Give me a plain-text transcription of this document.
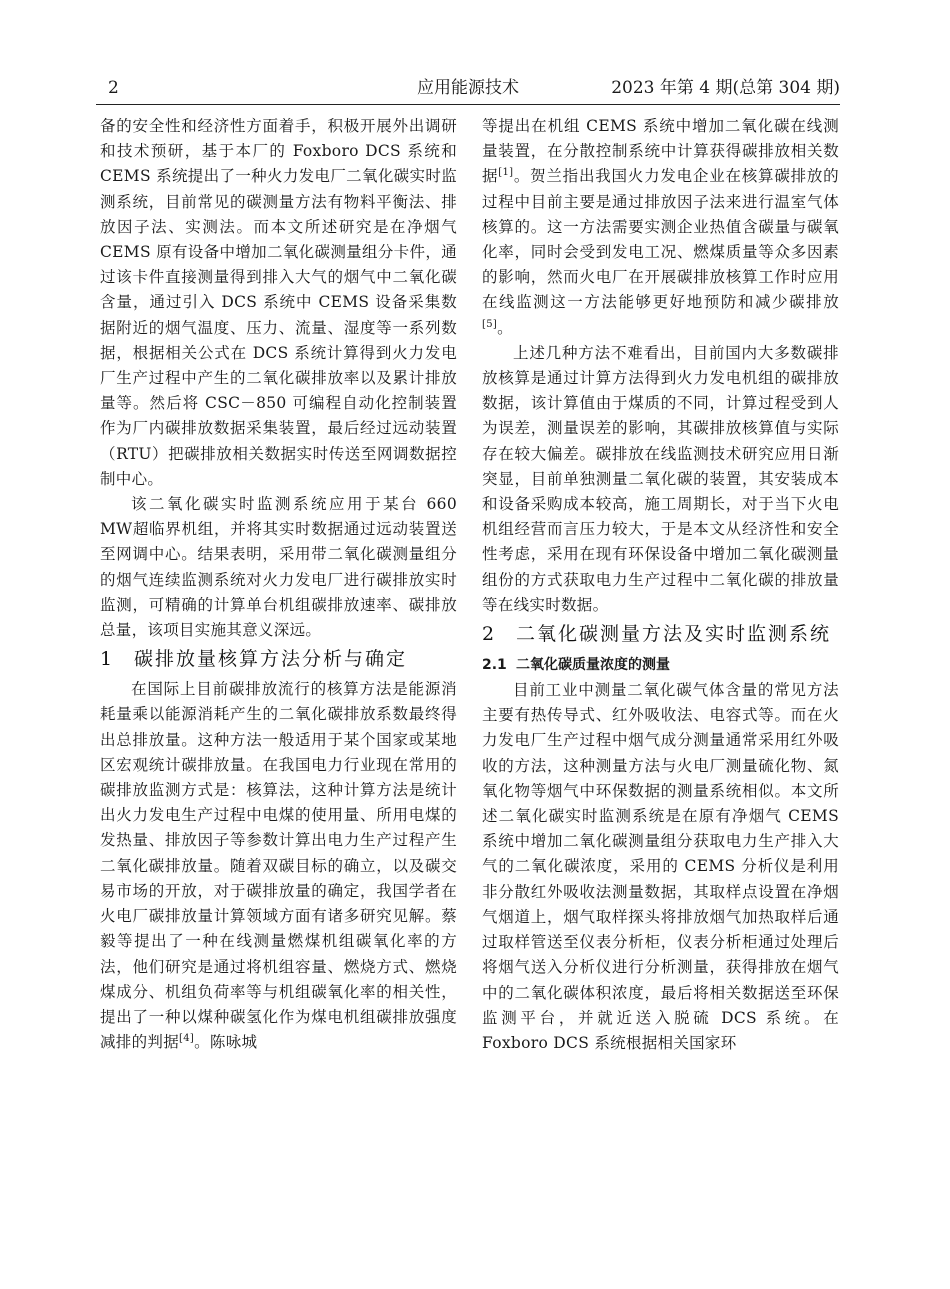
2	应用能源技术	2023 年第 4 期(总第 304 期)

备的安全性和经济性方面着手，积极开展外出调研和技术预研，基于本厂的 Foxboro DCS 系统和 CEMS 系统提出了一种火力发电厂二氧化碳实时监测系统，目前常见的碳测量方法有物料平衡法、排放因子法、实测法。而本文所述研究是在净烟气 CEMS 原有设备中增加二氧化碳测量组分卡件，通过该卡件直接测量得到排入大气的烟气中二氧化碳含量，通过引入 DCS 系统中 CEMS 设备采集数据附近的烟气温度、压力、流量、湿度等一系列数据，根据相关公式在 DCS 系统计算得到火力发电厂生产过程中产生的二氧化碳排放率以及累计排放量等。然后将 CSC－850 可编程自动化控制装置作为厂内碳排放数据采集装置，最后经过远动装置（RTU）把碳排放相关数据实时传送至网调数据控制中心。

该二氧化碳实时监测系统应用于某台 660 MW超临界机组，并将其实时数据通过远动装置送至网调中心。结果表明，采用带二氧化碳测量组分的烟气连续监测系统对火力发电厂进行碳排放实时监测，可精确的计算单台机组碳排放速率、碳排放总量，该项目实施其意义深远。

1 碳排放量核算方法分析与确定

在国际上目前碳排放流行的核算方法是能源消耗量乘以能源消耗产生的二氧化碳排放系数最终得出总排放量。这种方法一般适用于某个国家或某地区宏观统计碳排放量。在我国电力行业现在常用的碳排放监测方式是：核算法，这种计算方法是统计出火力发电生产过程中电煤的使用量、所用电煤的发热量、排放因子等参数计算出电力生产过程产生二氧化碳排放量。随着双碳目标的确立，以及碳交易市场的开放，对于碳排放量的确定，我国学者在火电厂碳排放量计算领域方面有诸多研究见解。蔡毅等提出了一种在线测量燃煤机组碳氧化率的方法，他们研究是通过将机组容量、燃烧方式、燃烧煤成分、机组负荷率等与机组碳氧化率的相关性，提出了一种以煤种碳氢化作为煤电机组碳排放强度减排的判据[4]。陈咏城

等提出在机组 CEMS 系统中增加二氧化碳在线测量装置，在分散控制系统中计算获得碳排放相关数据[1]。贺兰指出我国火力发电企业在核算碳排放的过程中目前主要是通过排放因子法来进行温室气体核算的。这一方法需要实测企业热值含碳量与碳氧化率，同时会受到发电工况、燃煤质量等众多因素的影响，然而火电厂在开展碳排放核算工作时应用在线监测这一方法能够更好地预防和减少碳排放[5]。

上述几种方法不难看出，目前国内大多数碳排放核算是通过计算方法得到火力发电机组的碳排放数据，该计算值由于煤质的不同，计算过程受到人为误差，测量误差的影响，其碳排放核算值与实际存在较大偏差。碳排放在线监测技术研究应用日渐突显，目前单独测量二氧化碳的装置，其安装成本和设备采购成本较高，施工周期长，对于当下火电机组经营而言压力较大，于是本文从经济性和安全性考虑，采用在现有环保设备中增加二氧化碳测量组份的方式获取电力生产过程中二氧化碳的排放量等在线实时数据。

2 二氧化碳测量方法及实时监测系统
2.1 二氧化碳质量浓度的测量

目前工业中测量二氧化碳气体含量的常见方法主要有热传导式、红外吸收法、电容式等。而在火力发电厂生产过程中烟气成分测量通常采用红外吸收的方法，这种测量方法与火电厂测量硫化物、氮氧化物等烟气中环保数据的测量系统相似。本文所述二氧化碳实时监测系统是在原有净烟气 CEMS 系统中增加二氧化碳测量组分获取电力生产排入大气的二氧化碳浓度，采用的 CEMS 分析仪是利用非分散红外吸收法测量数据，其取样点设置在净烟气烟道上，烟气取样探头将排放烟气加热取样后通过取样管送至仪表分析柜，仪表分析柜通过处理后将烟气送入分析仪进行分析测量，获得排放在烟气中的二氧化碳体积浓度，最后将相关数据送至环保监测平台，并就近送入脱硫 DCS 系统。在 Foxboro DCS 系统根据相关国家环
